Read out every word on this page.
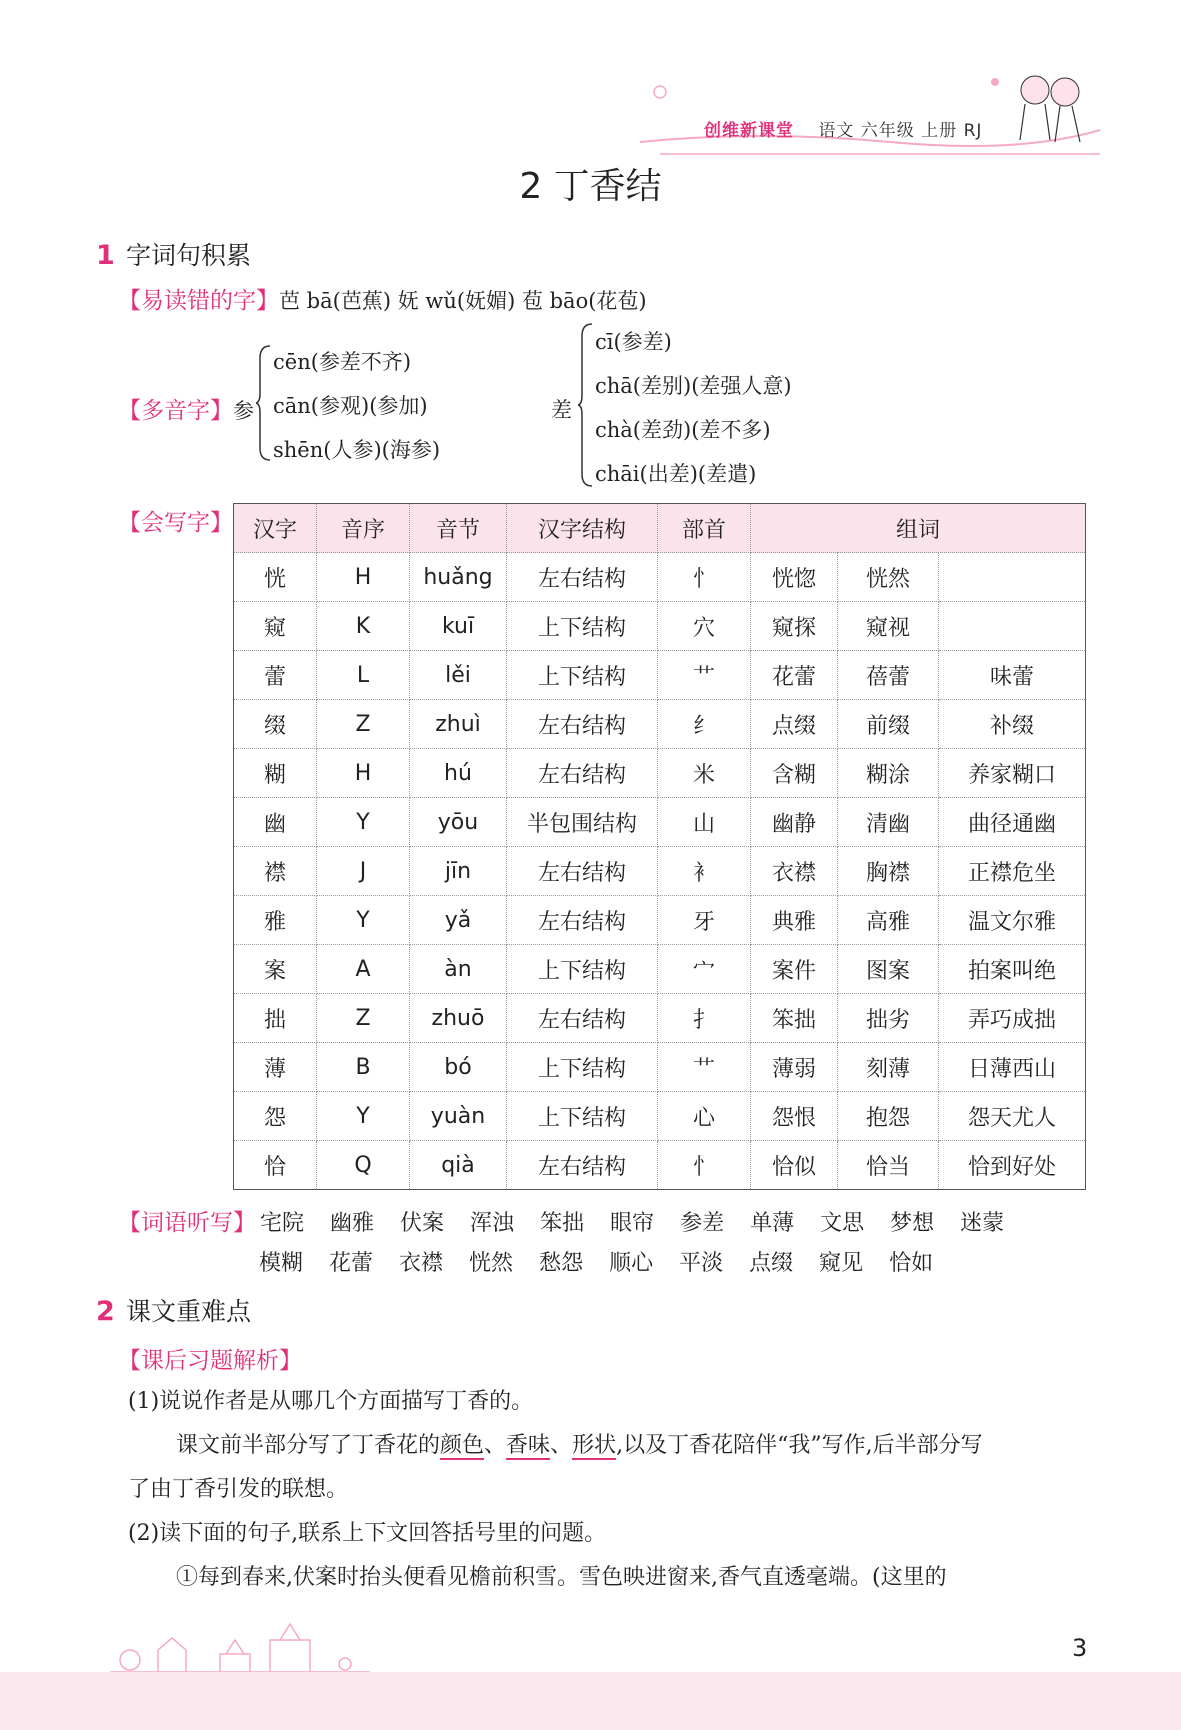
创维新课堂 语文 六年级 上册 RJ
2 丁香结
1 字词句积累
【易读错的字】芭 bā(芭蕉) 妩 wǔ(妩媚) 苞 bāo(花苞)
【多音字】参
cēn(参差不齐)
cān(参观)(参加)
shēn(人参)(海参)
差
cī(参差)
chā(差别)(差强人意)
chà(差劲)(差不多)
chāi(出差)(差遣)
【会写字】 汉字	音序	音节	汉字结构	部首	组词		
恍	H	huǎng	左右结构	忄	恍惚	恍然	
窥	K	kuī	上下结构	穴	窥探	窥视	
蕾	L	lěi	上下结构	艹	花蕾	蓓蕾	味蕾
缀	Z	zhuì	左右结构	纟	点缀	前缀	补缀
糊	H	hú	左右结构	米	含糊	糊涂	养家糊口
幽	Y	yōu	半包围结构	山	幽静	清幽	曲径通幽
襟	J	jīn	左右结构	衤	衣襟	胸襟	正襟危坐
雅	Y	yǎ	左右结构	牙	典雅	高雅	温文尔雅
案	A	àn	上下结构	宀	案件	图案	拍案叫绝
拙	Z	zhuō	左右结构	扌	笨拙	拙劣	弄巧成拙
薄	B	bó	上下结构	艹	薄弱	刻薄	日薄西山
怨	Y	yuàn	上下结构	心	怨恨	抱怨	怨天尤人
恰	Q	qià	左右结构	忄	恰似	恰当	恰到好处
【词语听写】 宅院 幽雅 伏案 浑浊 笨拙 眼帘 参差 单薄 文思 梦想 迷蒙
模糊 花蕾 衣襟 恍然 愁怨 顺心 平淡 点缀 窥见 恰如
2 课文重难点
【课后习题解析】
(1)说说作者是从哪几个方面描写丁香的。
课文前半部分写了丁香花的颜色、香味、形状,以及丁香花陪伴“我”写作,后半部分写
了由丁香引发的联想。
(2)读下面的句子,联系上下文回答括号里的问题。
①每到春来,伏案时抬头便看见檐前积雪。雪色映进窗来,香气直透毫端。(这里的
3
